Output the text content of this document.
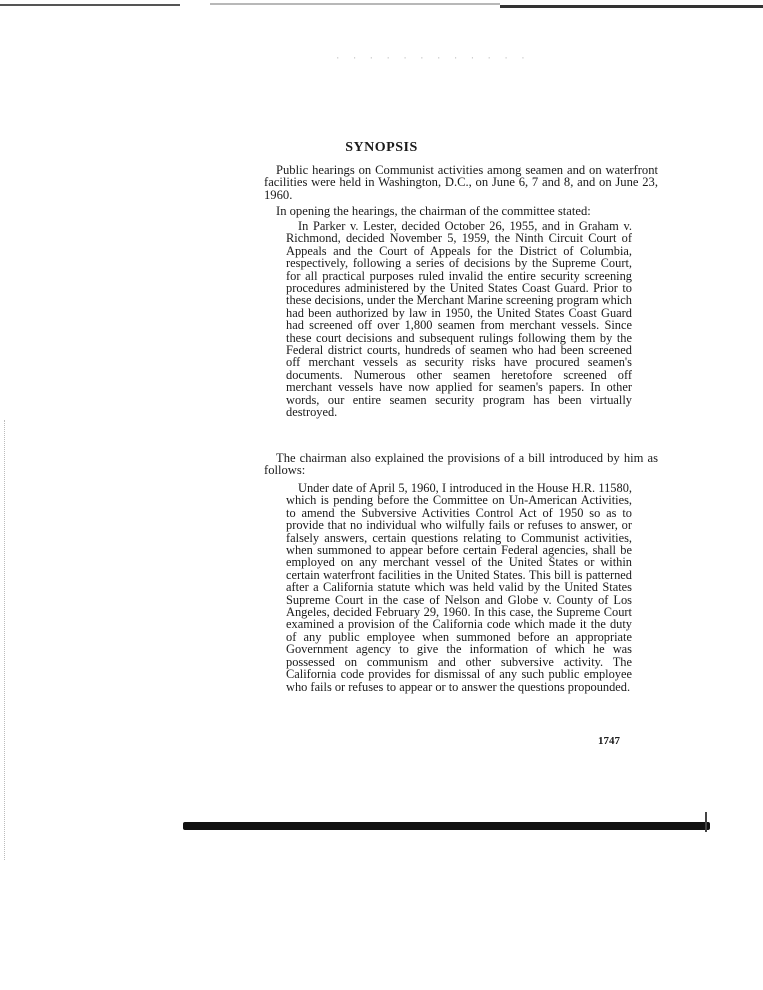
· · · · · · · · · · · ·
SYNOPSIS
Public hearings on Communist activities among seamen and on waterfront facilities were held in Washington, D.C., on June 6, 7 and 8, and on June 23, 1960.
In opening the hearings, the chairman of the committee stated:
In Parker v. Lester, decided October 26, 1955, and in Graham v. Richmond, decided November 5, 1959, the Ninth Circuit Court of Appeals and the Court of Appeals for the District of Columbia, respectively, following a series of decisions by the Supreme Court, for all practical purposes ruled invalid the entire security screening procedures administered by the United States Coast Guard. Prior to these decisions, under the Merchant Marine screening program which had been authorized by law in 1950, the United States Coast Guard had screened off over 1,800 seamen from merchant vessels. Since these court decisions and subsequent rulings following them by the Federal district courts, hundreds of seamen who had been screened off merchant vessels as security risks have procured seamen's documents. Numerous other seamen heretofore screened off merchant vessels have now applied for seamen's papers. In other words, our entire seamen security program has been virtually destroyed.
The chairman also explained the provisions of a bill introduced by him as follows:
Under date of April 5, 1960, I introduced in the House H.R. 11580, which is pending before the Committee on Un-American Activities, to amend the Subversive Activities Control Act of 1950 so as to provide that no individual who wilfully fails or refuses to answer, or falsely answers, certain questions relating to Communist activities, when summoned to appear before certain Federal agencies, shall be employed on any merchant vessel of the United States or within certain waterfront facilities in the United States. This bill is patterned after a California statute which was held valid by the United States Supreme Court in the case of Nelson and Globe v. County of Los Angeles, decided February 29, 1960. In this case, the Supreme Court examined a provision of the California code which made it the duty of any public employee when summoned before an appropriate Government agency to give the information of which he was possessed on communism and other subversive activity. The California code provides for dismissal of any such public employee who fails or refuses to appear or to answer the questions propounded.
1747
